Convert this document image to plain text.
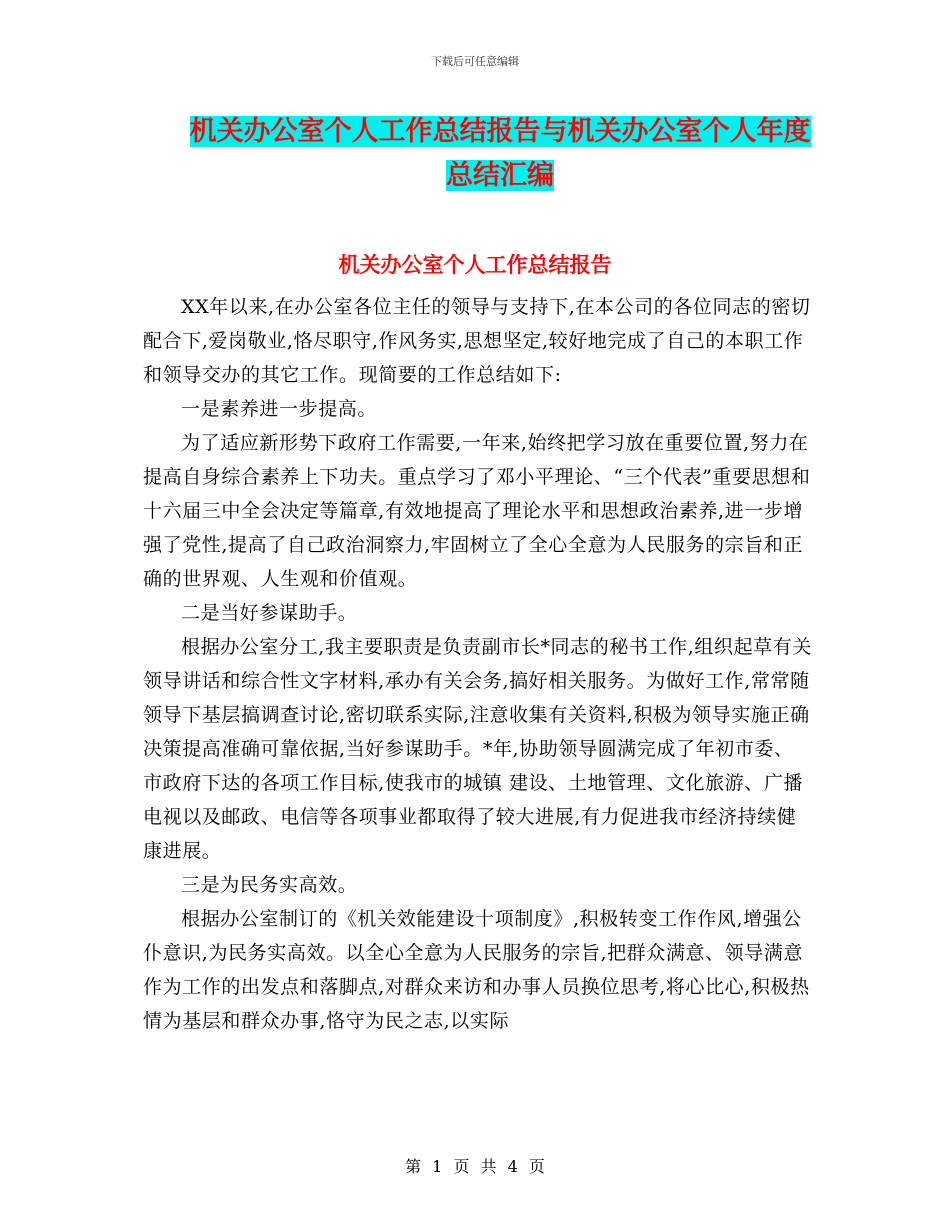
下载后可任意编辑
机关办公室个人工作总结报告与机关办公室个人年度
总结汇编
机关办公室个人工作总结报告

XX年以来,在办公室各位主任的领导与支持下,在本公司的各位同志的密切配合下,爱岗敬业,恪尽职守,作风务实,思想坚定,较好地完成了自己的本职工作和领导交办的其它工作。现简要的工作总结如下:

一是素养进一步提高。

为了适应新形势下政府工作需要,一年来,始终把学习放在重要位置,努力在提高自身综合素养上下功夫。重点学习了邓小平理论、“三个代表”重要思想和十六届三中全会决定等篇章,有效地提高了理论水平和思想政治素养,进一步增强了党性,提高了自己政治洞察力,牢固树立了全心全意为人民服务的宗旨和正确的世界观、人生观和价值观。

二是当好参谋助手。

根据办公室分工,我主要职责是负责副市长*同志的秘书工作,组织起草有关领导讲话和综合性文字材料,承办有关会务,搞好相关服务。为做好工作,常常随领导下基层搞调查讨论,密切联系实际,注意收集有关资料,积极为领导实施正确决策提高准确可靠依据,当好参谋助手。*年,协助领导圆满完成了年初市委、市政府下达的各项工作目标,使我市的城镇 建设、土地管理、文化旅游、广播电视以及邮政、电信等各项事业都取得了较大进展,有力促进我市经济持续健康进展。

三是为民务实高效。

根据办公室制订的《机关效能建设十项制度》,积极转变工作作风,增强公仆意识,为民务实高效。以全心全意为人民服务的宗旨,把群众满意、领导满意作为工作的出发点和落脚点,对群众来访和办事人员换位思考,将心比心,积极热情为基层和群众办事,恪守为民之志,以实际

第 1 页 共 4 页
